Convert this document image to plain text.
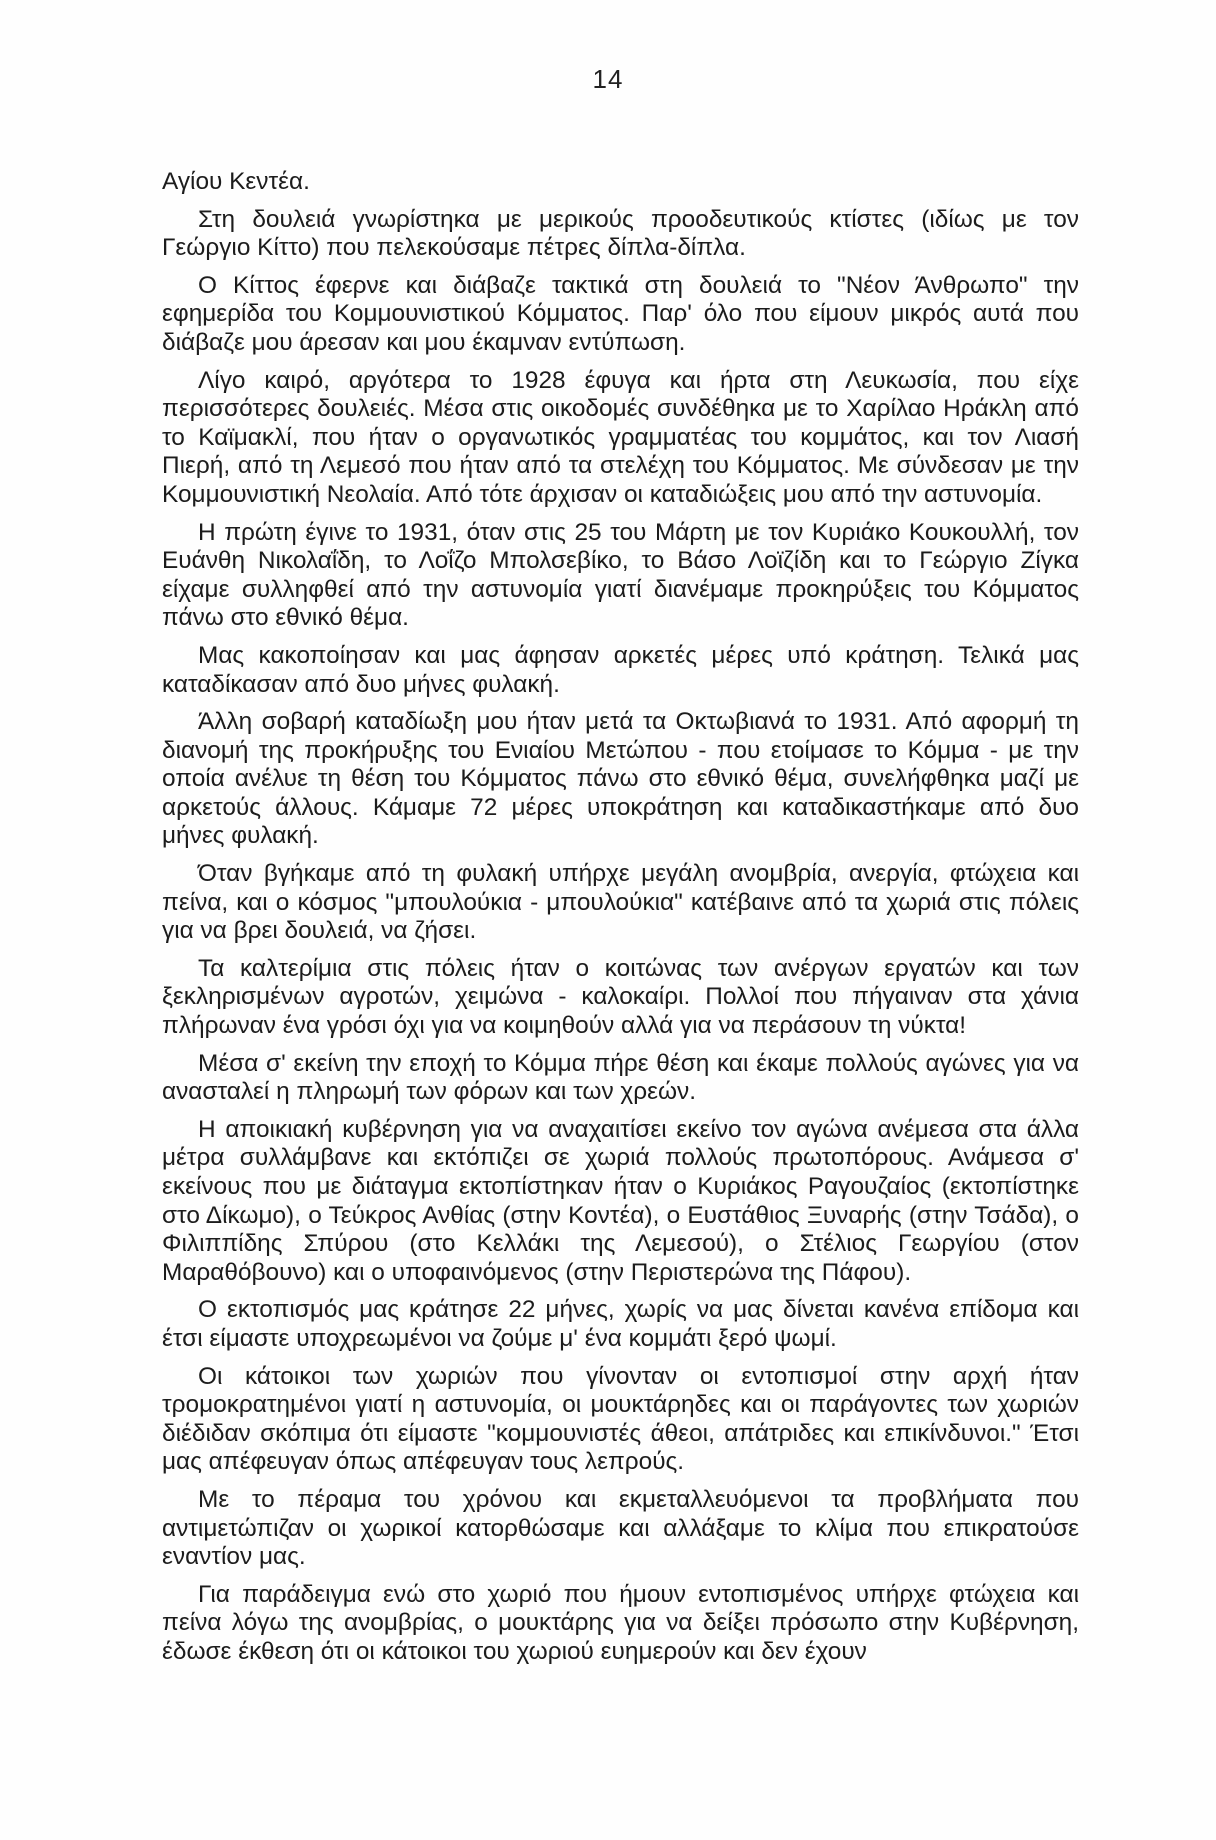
14

Αγίου Κεντέα.

Στη δουλειά γνωρίστηκα με μερικούς προοδευτικούς κτίστες (ιδίως με τον Γεώργιο Κίττο) που πελεκούσαμε πέτρες δίπλα-δίπλα.

Ο Κίττος έφερνε και διάβαζε τακτικά στη δουλειά το "Νέον Άνθρωπο" την εφημερίδα του Κομμουνιστικού Κόμματος. Παρ' όλο που είμουν μικρός αυτά που διάβαζε μου άρεσαν και μου έκαμναν εντύπωση.

Λίγο καιρό, αργότερα το 1928 έφυγα και ήρτα στη Λευκωσία, που είχε περισσότερες δουλειές. Μέσα στις οικοδομές συνδέθηκα με το Χαρίλαο Ηράκλη από το Καϊμακλί, που ήταν ο οργανωτικός γραμματέας του κομμάτος, και τον Λιασή Πιερή, από τη Λεμεσό που ήταν από τα στελέχη του Κόμματος. Με σύνδεσαν με την Κομμουνιστική Νεολαία. Από τότε άρχισαν οι καταδιώξεις μου από την αστυνομία.

Η πρώτη έγινε το 1931, όταν στις 25 του Μάρτη με τον Κυριάκο Κουκουλλή, τον Ευάνθη Νικολαΐδη, το Λοΐζο Μπολσεβίκο, το Βάσο Λοϊζίδη και το Γεώργιο Ζίγκα είχαμε συλληφθεί από την αστυνομία γιατί διανέμαμε προκηρύξεις του Κόμματος πάνω στο εθνικό θέμα.

Μας κακοποίησαν και μας άφησαν αρκετές μέρες υπό κράτηση. Τελικά μας καταδίκασαν από δυο μήνες φυλακή.

Άλλη σοβαρή καταδίωξη μου ήταν μετά τα Οκτωβιανά το 1931. Από αφορμή τη διανομή της προκήρυξης του Ενιαίου Μετώπου - που ετοίμασε το Κόμμα - με την οποία ανέλυε τη θέση του Κόμματος πάνω στο εθνικό θέμα, συνελήφθηκα μαζί με αρκετούς άλλους. Κάμαμε 72 μέρες υποκράτηση και καταδικαστήκαμε από δυο μήνες φυλακή.

Όταν βγήκαμε από τη φυλακή υπήρχε μεγάλη ανομβρία, ανεργία, φτώχεια και πείνα, και ο κόσμος "μπουλούκια - μπουλούκια" κατέβαινε από τα χωριά στις πόλεις για να βρει δουλειά, να ζήσει.

Τα καλτερίμια στις πόλεις ήταν ο κοιτώνας των ανέργων εργατών και των ξεκληρισμένων αγροτών, χειμώνα - καλοκαίρι. Πολλοί που πήγαιναν στα χάνια πλήρωναν ένα γρόσι όχι για να κοιμηθούν αλλά για να περάσουν τη νύκτα!

Μέσα σ' εκείνη την εποχή το Κόμμα πήρε θέση και έκαμε πολλούς αγώνες για να ανασταλεί η πληρωμή των φόρων και των χρεών.

Η αποικιακή κυβέρνηση για να αναχαιτίσει εκείνο τον αγώνα ανέμεσα στα άλλα μέτρα συλλάμβανε και εκτόπιζει σε χωριά πολλούς πρωτοπόρους. Ανάμεσα σ' εκείνους που με διάταγμα εκτοπίστηκαν ήταν ο Κυριάκος Ραγουζαίος (εκτοπίστηκε στο Δίκωμο), ο Τεύκρος Ανθίας (στην Κοντέα), ο Ευστάθιος Ξυναρής (στην Τσάδα), ο Φιλιππίδης Σπύρου (στο Κελλάκι της Λεμεσού), ο Στέλιος Γεωργίου (στον Μαραθόβουνο) και ο υποφαινόμενος (στην Περιστερώνα της Πάφου).

Ο εκτοπισμός μας κράτησε 22 μήνες, χωρίς να μας δίνεται κανένα επίδομα και έτσι είμαστε υποχρεωμένοι να ζούμε μ' ένα κομμάτι ξερό ψωμί.

Οι κάτοικοι των χωριών που γίνονταν οι εντοπισμοί στην αρχή ήταν τρομοκρατημένοι γιατί η αστυνομία, οι μουκτάρηδες και οι παράγοντες των χωριών διέδιδαν σκόπιμα ότι είμαστε "κομμουνιστές άθεοι, απάτριδες και επικίνδυνοι." Έτσι μας απέφευγαν όπως απέφευγαν τους λεπρούς.

Με το πέραμα του χρόνου και εκμεταλλευόμενοι τα προβλήματα που αντιμετώπιζαν οι χωρικοί κατορθώσαμε και αλλάξαμε το κλίμα που επικρατούσε εναντίον μας.

Για παράδειγμα ενώ στο χωριό που ήμουν εντοπισμένος υπήρχε φτώχεια και πείνα λόγω της ανομβρίας, ο μουκτάρης για να δείξει πρόσωπο στην Κυβέρνηση, έδωσε έκθεση ότι οι κάτοικοι του χωριού ευημερούν και δεν έχουν
